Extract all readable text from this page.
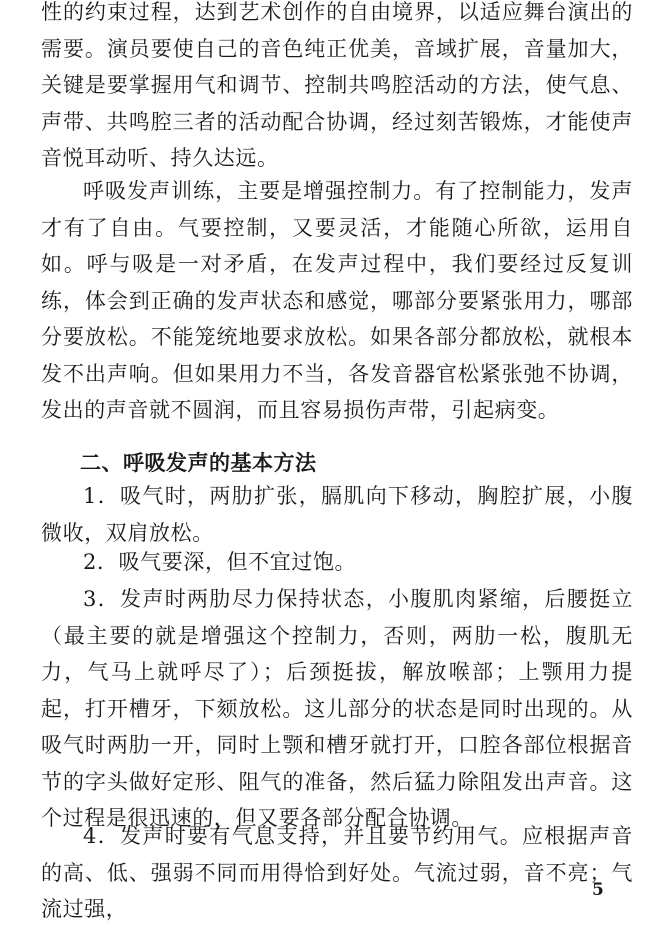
性的约束过程，达到艺术创作的自由境界，以适应舞台演出的需要。演员要使自己的音色纯正优美，音域扩展，音量加大，关键是要掌握用气和调节、控制共鸣腔活动的方法，使气息、声带、共鸣腔三者的活动配合协调，经过刻苦锻炼，才能使声音悦耳动听、持久达远。

呼吸发声训练，主要是增强控制力。有了控制能力，发声才有了自由。气要控制，又要灵活，才能随心所欲，运用自如。呼与吸是一对矛盾，在发声过程中，我们要经过反复训练，体会到正确的发声状态和感觉，哪部分要紧张用力，哪部分要放松。不能笼统地要求放松。如果各部分都放松，就根本发不出声响。但如果用力不当，各发音器官松紧张弛不协调，发出的声音就不圆润，而且容易损伤声带，引起病变。

二、呼吸发声的基本方法

1．吸气时，两肋扩张，膈肌向下移动，胸腔扩展，小腹微收，双肩放松。

2．吸气要深，但不宜过饱。

3．发声时两肋尽力保持状态，小腹肌肉紧缩，后腰挺立（最主要的就是增强这个控制力，否则，两肋一松，腹肌无力，气马上就呼尽了）；后颈挺拔，解放喉部；上颚用力提起，打开槽牙，下颏放松。这儿部分的状态是同时出现的。从吸气时两肋一开，同时上颚和槽牙就打开，口腔各部位根据音节的字头做好定形、阻气的准备，然后猛力除阻发出声音。这个过程是很迅速的，但又要各部分配合协调。

4．发声时要有气息支持，并且要节约用气。应根据声音的高、低、强弱不同而用得恰到好处。气流过弱，音不亮；气流过强，

5
